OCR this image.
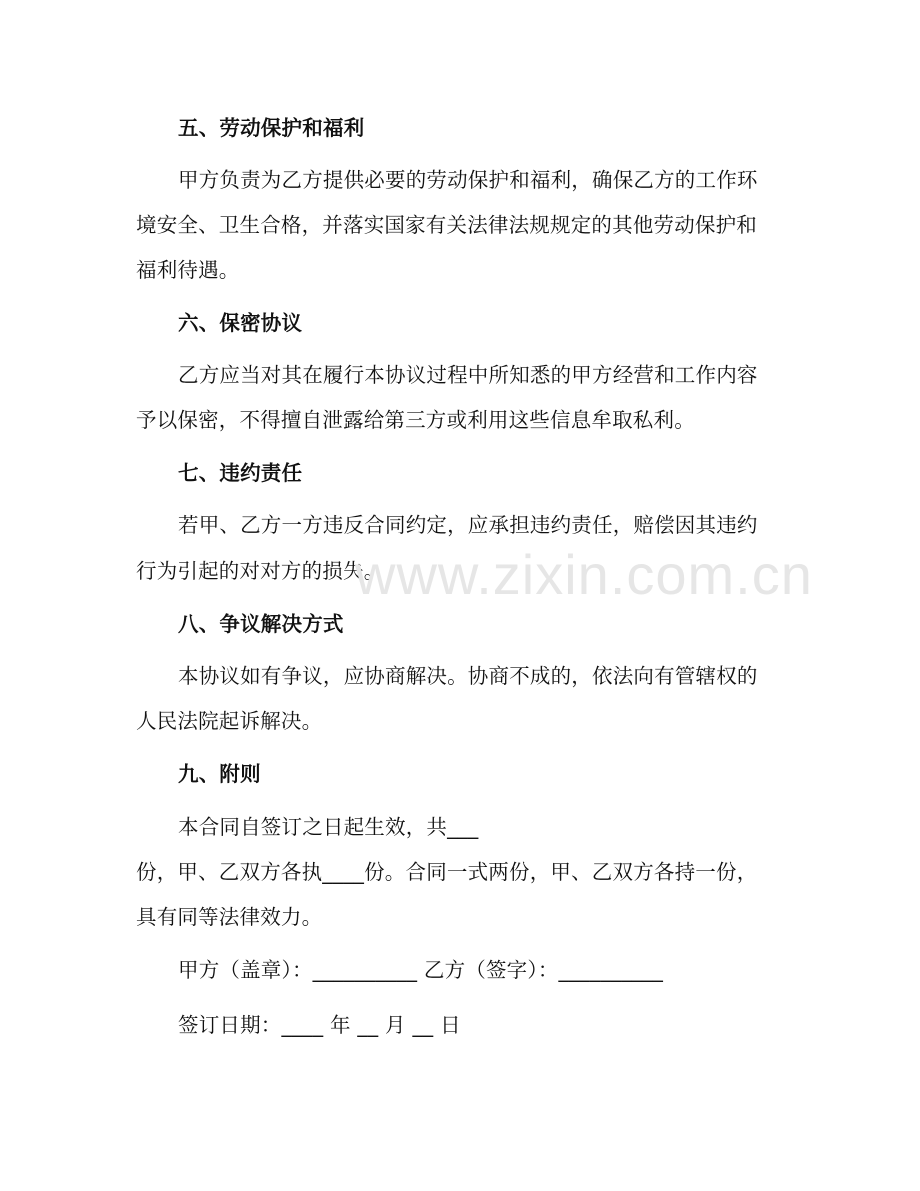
五、劳动保护和福利
甲方负责为乙方提供必要的劳动保护和福利，确保乙方的工作环
境安全、卫生合格，并落实国家有关法律法规规定的其他劳动保护和
福利待遇。
六、保密协议
乙方应当对其在履行本协议过程中所知悉的甲方经营和工作内容
予以保密，不得擅自泄露给第三方或利用这些信息牟取私利。
七、违约责任
若甲、乙方一方违反合同约定，应承担违约责任，赔偿因其违约
行为引起的对对方的损失。
八、争议解决方式
本协议如有争议，应协商解决。协商不成的，依法向有管辖权的
人民法院起诉解决。
九、附则
本合同自签订之日起生效，共___
份，甲、乙双方各执____份。合同一式两份，甲、乙双方各持一份，
具有同等法律效力。
甲方（盖章）：__________ 乙方（签字）：__________
签订日期：____ 年 __ 月 __ 日
www.zixin.com.cn
